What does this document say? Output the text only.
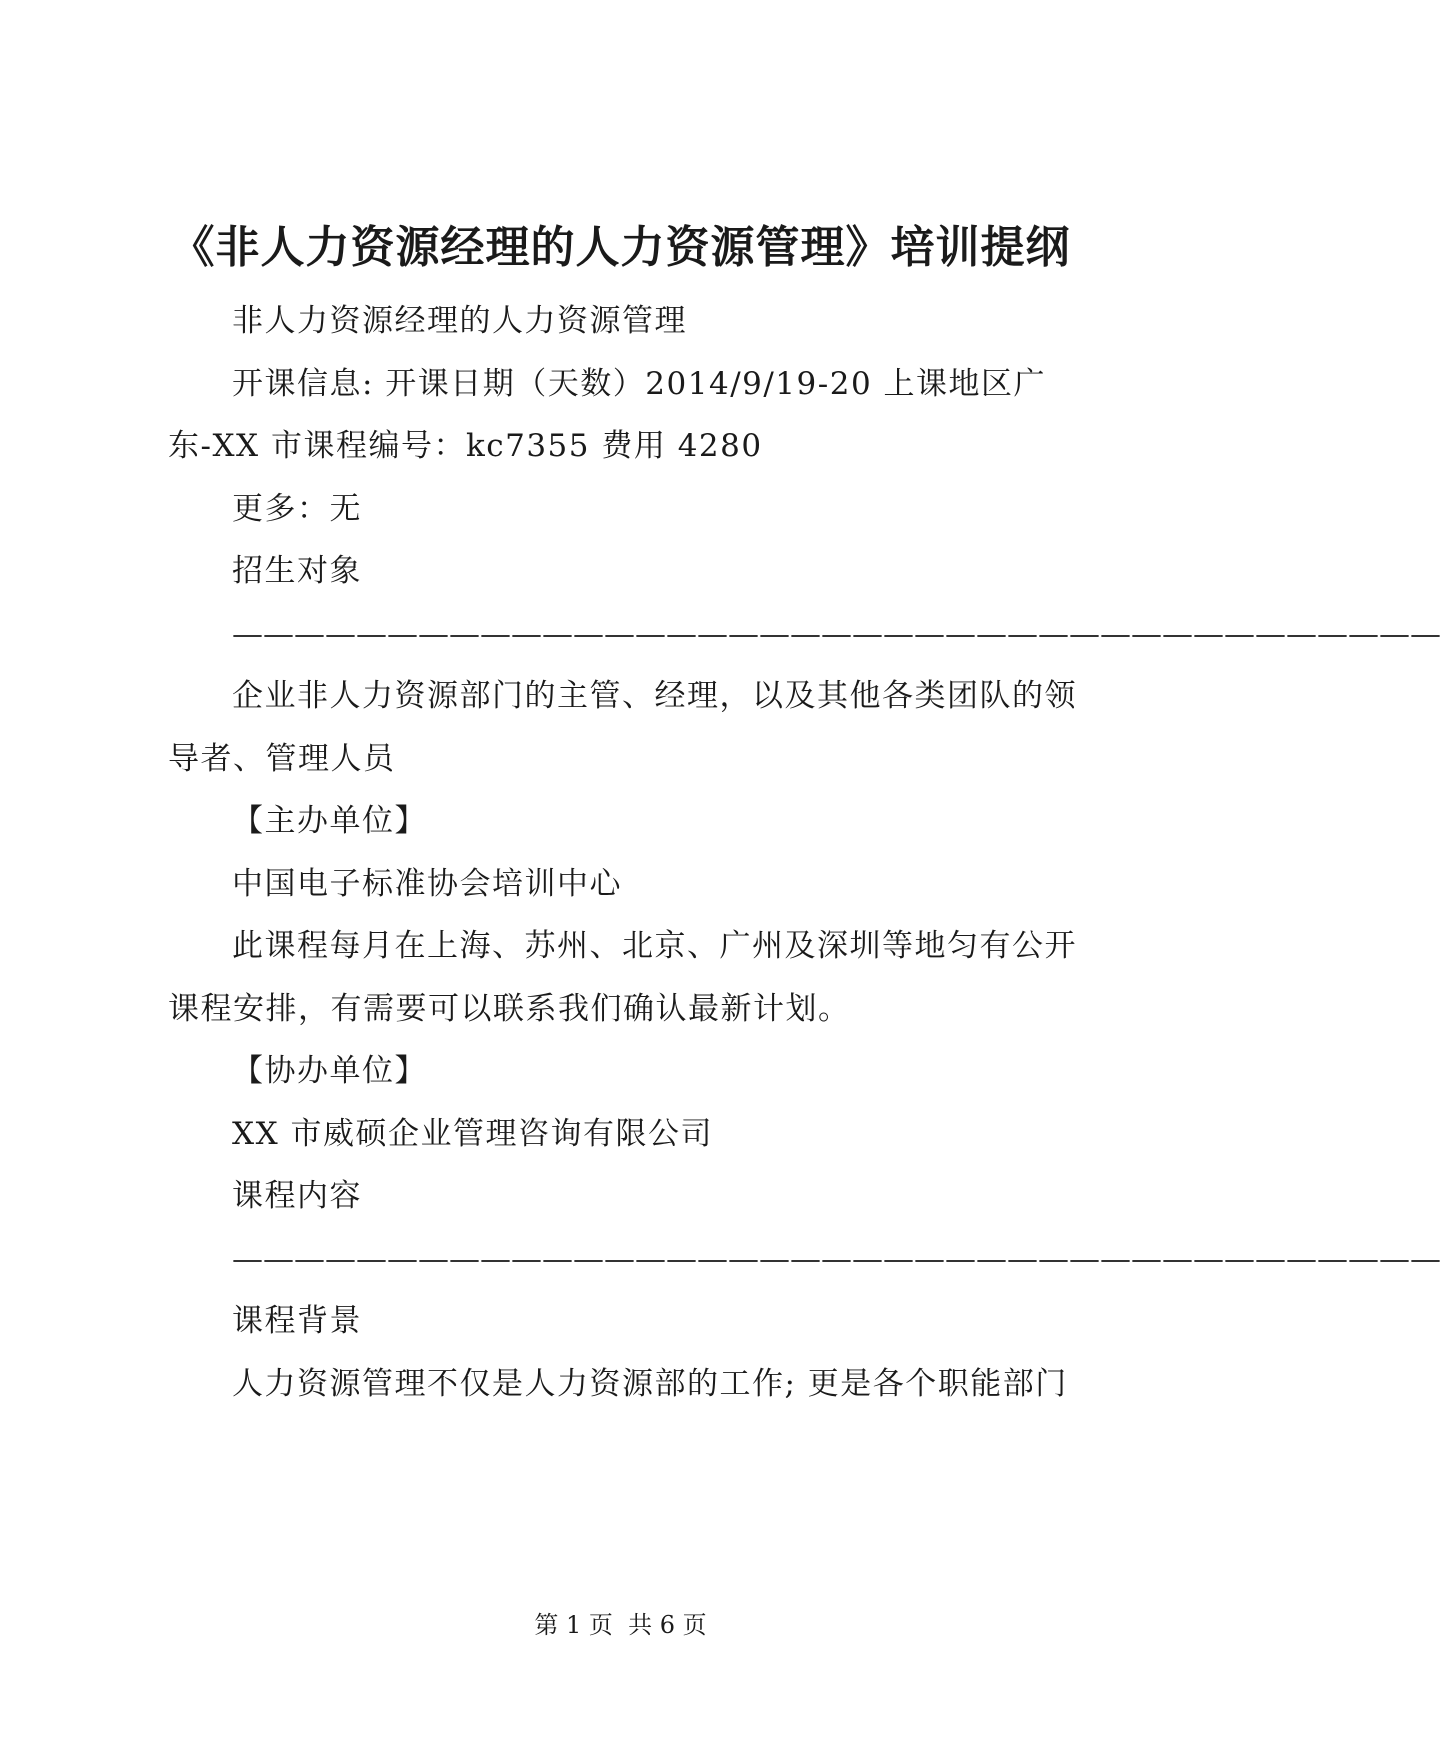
《非人力资源经理的人力资源管理》培训提纲

非人力资源经理的人力资源管理

开课信息: 开课日期（天数）2014/9/19-20 上课地区广东-XX 市课程编号：kc7355 费用 4280

更多：无

招生对象

———————————————————————————————————————

企业非人力资源部门的主管、经理，以及其他各类团队的领导者、管理人员

【主办单位】

中国电子标准协会培训中心

此课程每月在上海、苏州、北京、广州及深圳等地匀有公开课程安排，有需要可以联系我们确认最新计划。

【协办单位】

XX 市威硕企业管理咨询有限公司

课程内容

———————————————————————————————————————

课程背景

人力资源管理不仅是人力资源部的工作; 更是各个职能部门

第 1 页  共 6 页
